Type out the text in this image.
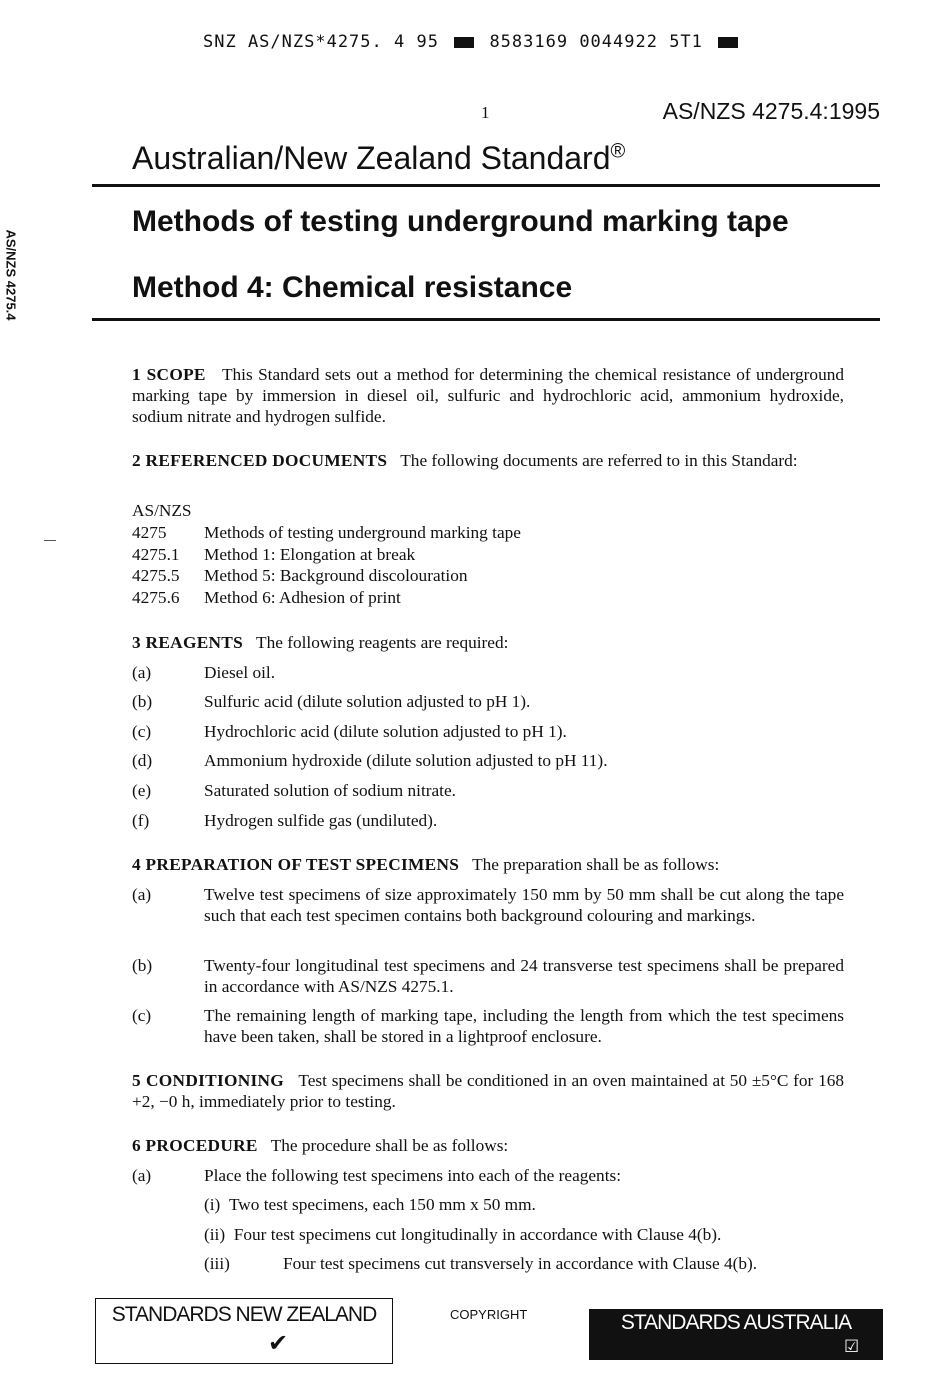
SNZ AS/NZS*4275. 4 95	8583169 0044922 5T1
1	AS/NZS 4275.4:1995
AS/NZS 4275.4
Australian/New Zealand Standard®
Methods of testing underground marking tape
Method 4: Chemical resistance
1 SCOPE This Standard sets out a method for determining the chemical resistance of underground marking tape by immersion in diesel oil, sulfuric and hydrochloric acid, ammonium hydroxide, sodium nitrate and hydrogen sulfide.
2 REFERENCED DOCUMENTS The following documents are referred to in this Standard:
AS/NZS
4275 Methods of testing underground marking tape
4275.1 Method 1: Elongation at break
4275.5 Method 5: Background discolouration
4275.6 Method 6: Adhesion of print
3 REAGENTS The following reagents are required:
(a)	Diesel oil.
(b)	Sulfuric acid (dilute solution adjusted to pH 1).
(c)	Hydrochloric acid (dilute solution adjusted to pH 1).
(d)	Ammonium hydroxide (dilute solution adjusted to pH 11).
(e)	Saturated solution of sodium nitrate.
(f)	Hydrogen sulfide gas (undiluted).
4 PREPARATION OF TEST SPECIMENS The preparation shall be as follows:
(a)	Twelve test specimens of size approximately 150 mm by 50 mm shall be cut along the tape such that each test specimen contains both background colouring and markings.
(b)	Twenty-four longitudinal test specimens and 24 transverse test specimens shall be prepared in accordance with AS/NZS 4275.1.
(c)	The remaining length of marking tape, including the length from which the test specimens have been taken, shall be stored in a lightproof enclosure.
5 CONDITIONING Test specimens shall be conditioned in an oven maintained at 50 ±5°C for 168 +2, −0 h, immediately prior to testing.
6 PROCEDURE The procedure shall be as follows:
(a)	Place the following test specimens into each of the reagents:
(i) Two test specimens, each 150 mm x 50 mm.
(ii) Four test specimens cut longitudinally in accordance with Clause 4(b).
(iii)	Four test specimens cut transversely in accordance with Clause 4(b).
STANDARDS NEW ZEALAND
✔
COPYRIGHT	STANDARDS AUSTRALIA
☑
